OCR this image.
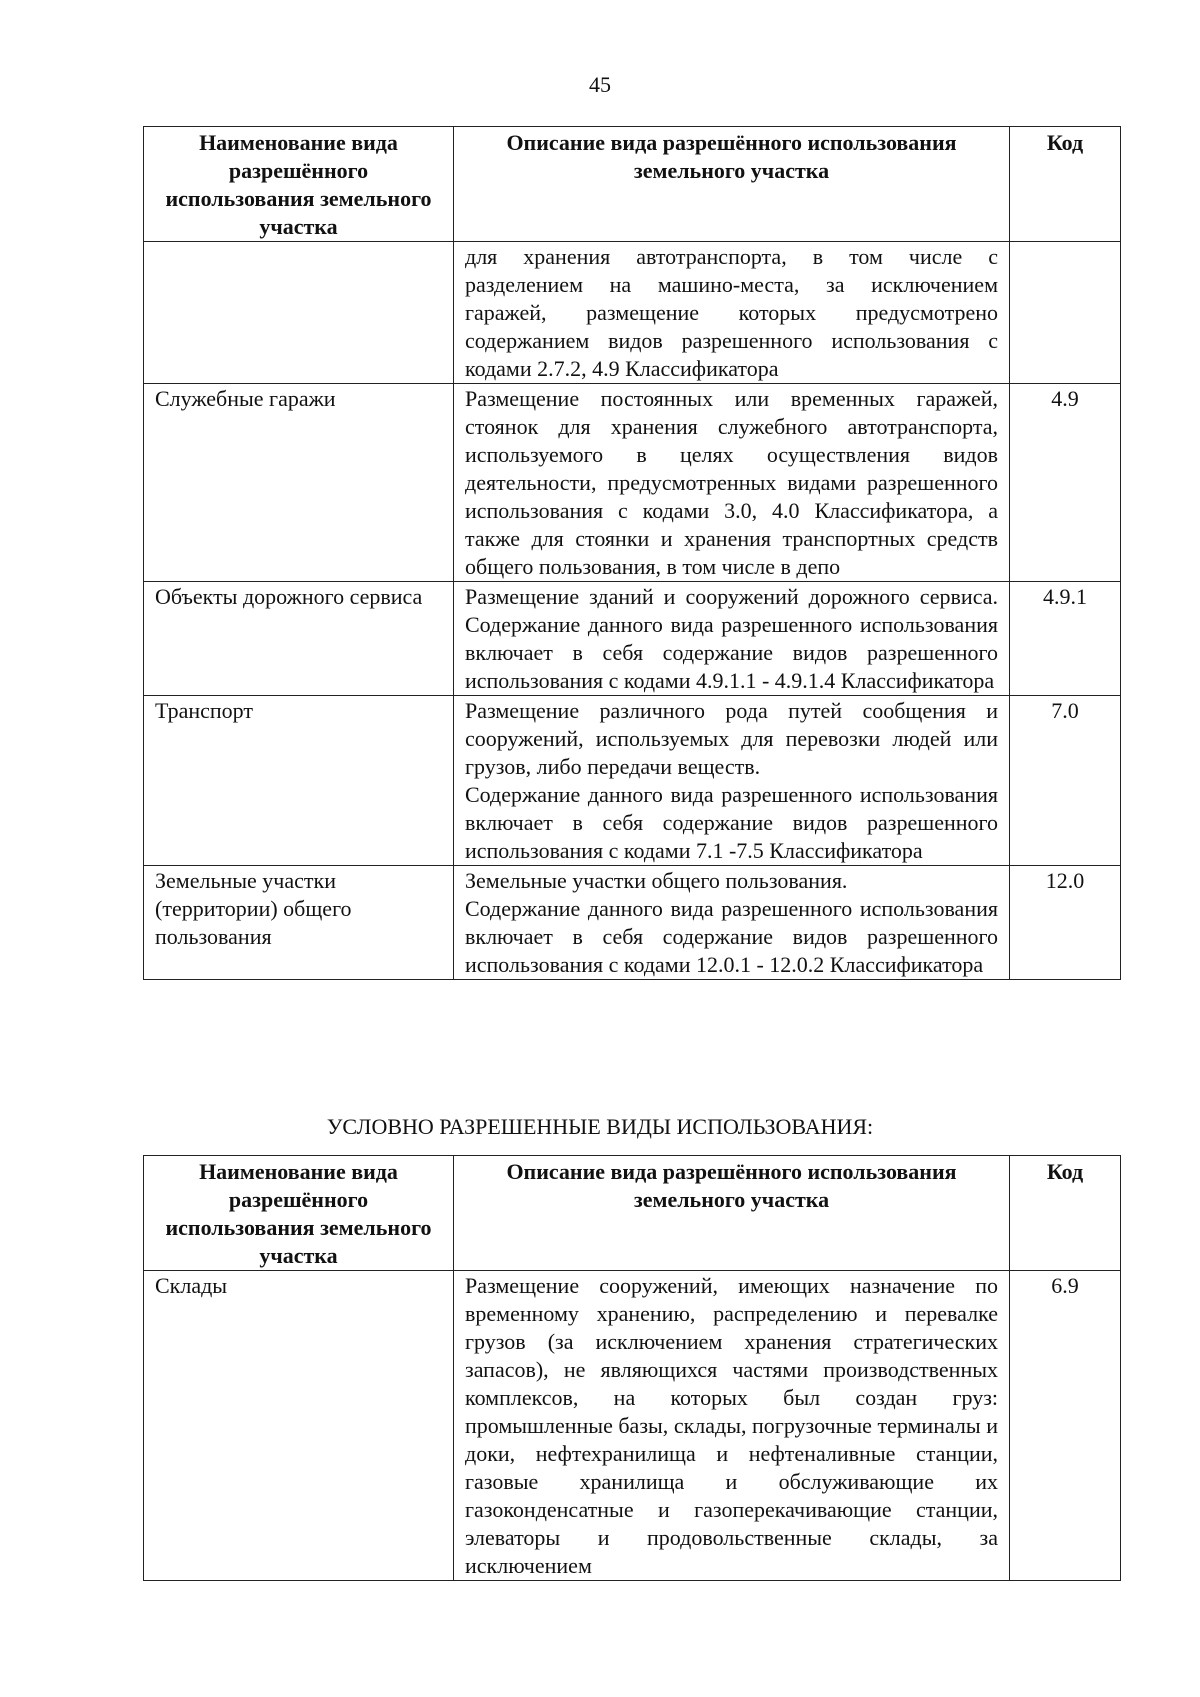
45
Наименование вида разрешённого использования земельного участка	Описание вида разрешённого использования земельного участка	Код

	для хранения автотранспорта, в том числе с разделением на машино-места, за исключением гаражей, размещение которых предусмотрено содержанием видов разрешенного использования с кодами 2.7.2, 4.9 Классификатора	

Служебные гаражи	Размещение постоянных или временных гаражей, стоянок для хранения служебного автотранспорта, используемого в целях осуществления видов деятельности, предусмотренных видами разрешенного использования с кодами 3.0, 4.0 Классификатора, а также для стоянки и хранения транспортных средств общего пользования, в том числе в депо	4.9
Объекты дорожного сервиса	Размещение зданий и сооружений дорожного сервиса. Содержание данного вида разрешенного использования включает в себя содержание видов разрешенного использования с кодами 4.9.1.1 - 4.9.1.4 Классификатора	4.9.1
Транспорт	Размещение различного рода путей сообщения и сооружений, используемых для перевозки людей или грузов, либо передачи веществ.
Содержание данного вида разрешенного использования включает в себя содержание видов разрешенного использования с кодами 7.1 -7.5 Классификатора	7.0
Земельные участки (территории) общего пользования	Земельные участки общего пользования.
Содержание данного вида разрешенного использования включает в себя содержание видов разрешенного использования с кодами 12.0.1 - 12.0.2 Классификатора	12.0
УСЛОВНО РАЗРЕШЕННЫЕ ВИДЫ ИСПОЛЬЗОВАНИЯ:
Наименование вида разрешённого использования земельного участка	Описание вида разрешённого использования земельного участка	Код
Склады	Размещение сооружений, имеющих назначение по временному хранению, распределению и перевалке грузов (за исключением хранения стратегических запасов), не являющихся частями производственных комплексов, на которых был создан груз: промышленные базы, склады, погрузочные терминалы и доки, нефтехранилища и нефтеналивные станции, газовые хранилища и обслуживающие их газоконденсатные и газоперекачивающие станции, элеваторы и продовольственные склады, за исключением	6.9
